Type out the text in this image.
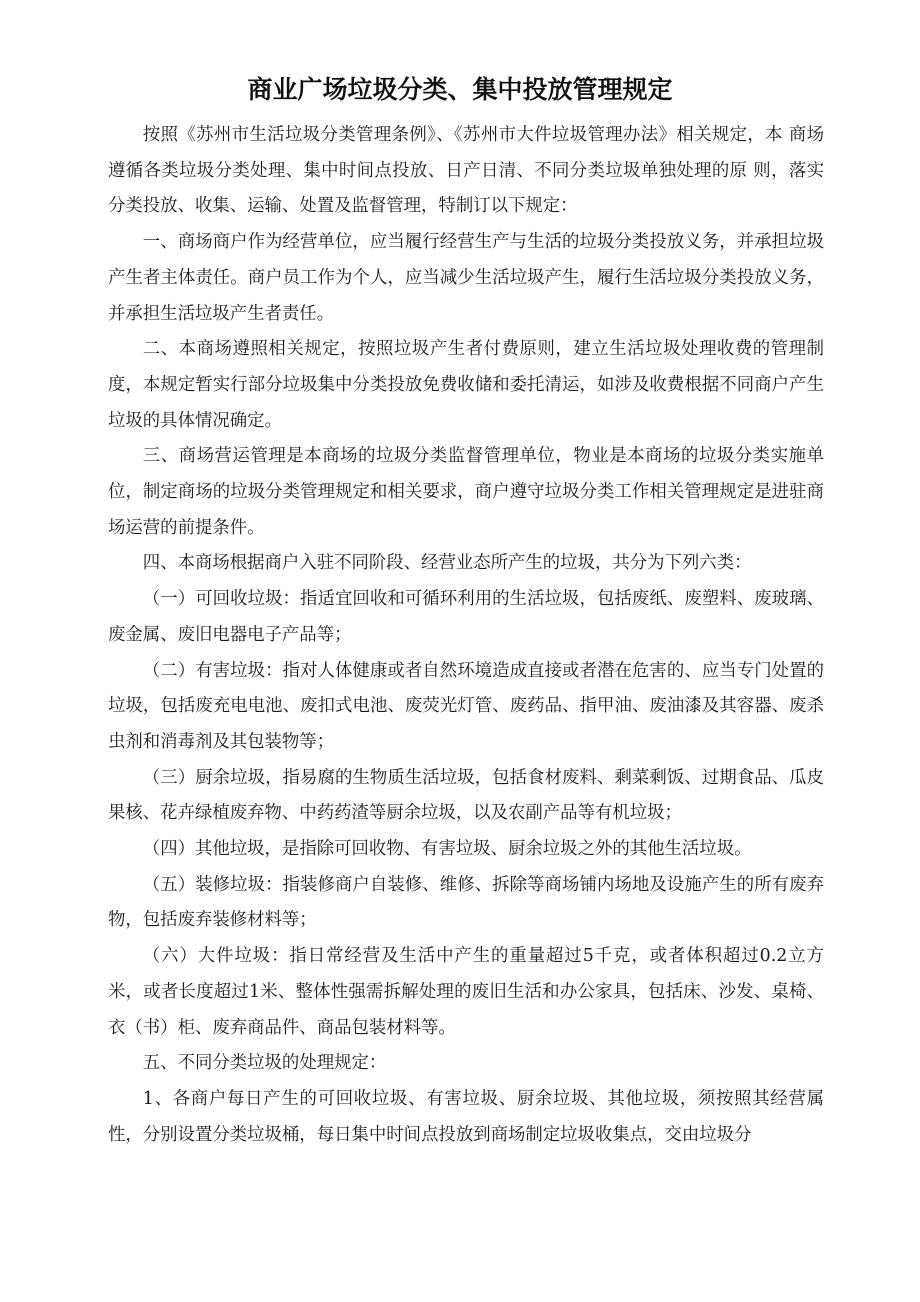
商业广场垃圾分类、集中投放管理规定

按照《苏州市生活垃圾分类管理条例》、《苏州市大件垃圾管理办法》相关规定，本 商场遵循各类垃圾分类处理、集中时间点投放、日产日清、不同分类垃圾单独处理的原 则，落实分类投放、收集、运输、处置及监督管理，特制订以下规定：

一、商场商户作为经营单位，应当履行经营生产与生活的垃圾分类投放义务，并承担垃圾产生者主体责任。商户员工作为个人，应当减少生活垃圾产生，履行生活垃圾分类投放义务，并承担生活垃圾产生者责任。

二、本商场遵照相关规定，按照垃圾产生者付费原则，建立生活垃圾处理收费的管理制度，本规定暂实行部分垃圾集中分类投放免费收储和委托清运，如涉及收费根据不同商户产生垃圾的具体情况确定。

三、商场营运管理是本商场的垃圾分类监督管理单位，物业是本商场的垃圾分类实施单位，制定商场的垃圾分类管理规定和相关要求，商户遵守垃圾分类工作相关管理规定是进驻商场运营的前提条件。

四、本商场根据商户入驻不同阶段、经营业态所产生的垃圾，共分为下列六类：

（一）可回收垃圾：指适宜回收和可循环利用的生活垃圾，包括废纸、废塑料、废玻璃、废金属、废旧电器电子产品等；

（二）有害垃圾：指对人体健康或者自然环境造成直接或者潜在危害的、应当专门处置的垃圾，包括废充电电池、废扣式电池、废荧光灯管、废药品、指甲油、废油漆及其容器、废杀虫剂和消毒剂及其包装物等；

（三）厨余垃圾，指易腐的生物质生活垃圾，包括食材废料、剩菜剩饭、过期食品、瓜皮果核、花卉绿植废弃物、中药药渣等厨余垃圾，以及农副产品等有机垃圾；

（四）其他垃圾，是指除可回收物、有害垃圾、厨余垃圾之外的其他生活垃圾。

（五）装修垃圾：指装修商户自装修、维修、拆除等商场铺内场地及设施产生的所有废弃物，包括废弃装修材料等；

（六）大件垃圾：指日常经营及生活中产生的重量超过5千克，或者体积超过0.2立方米，或者长度超过1米、整体性强需拆解处理的废旧生活和办公家具，包括床、沙发、桌椅、衣（书）柜、废弃商品件、商品包装材料等。

五、不同分类垃圾的处理规定：

1、各商户每日产生的可回收垃圾、有害垃圾、厨余垃圾、其他垃圾，须按照其经营属性，分别设置分类垃圾桶，每日集中时间点投放到商场制定垃圾收集点，交由垃圾分
